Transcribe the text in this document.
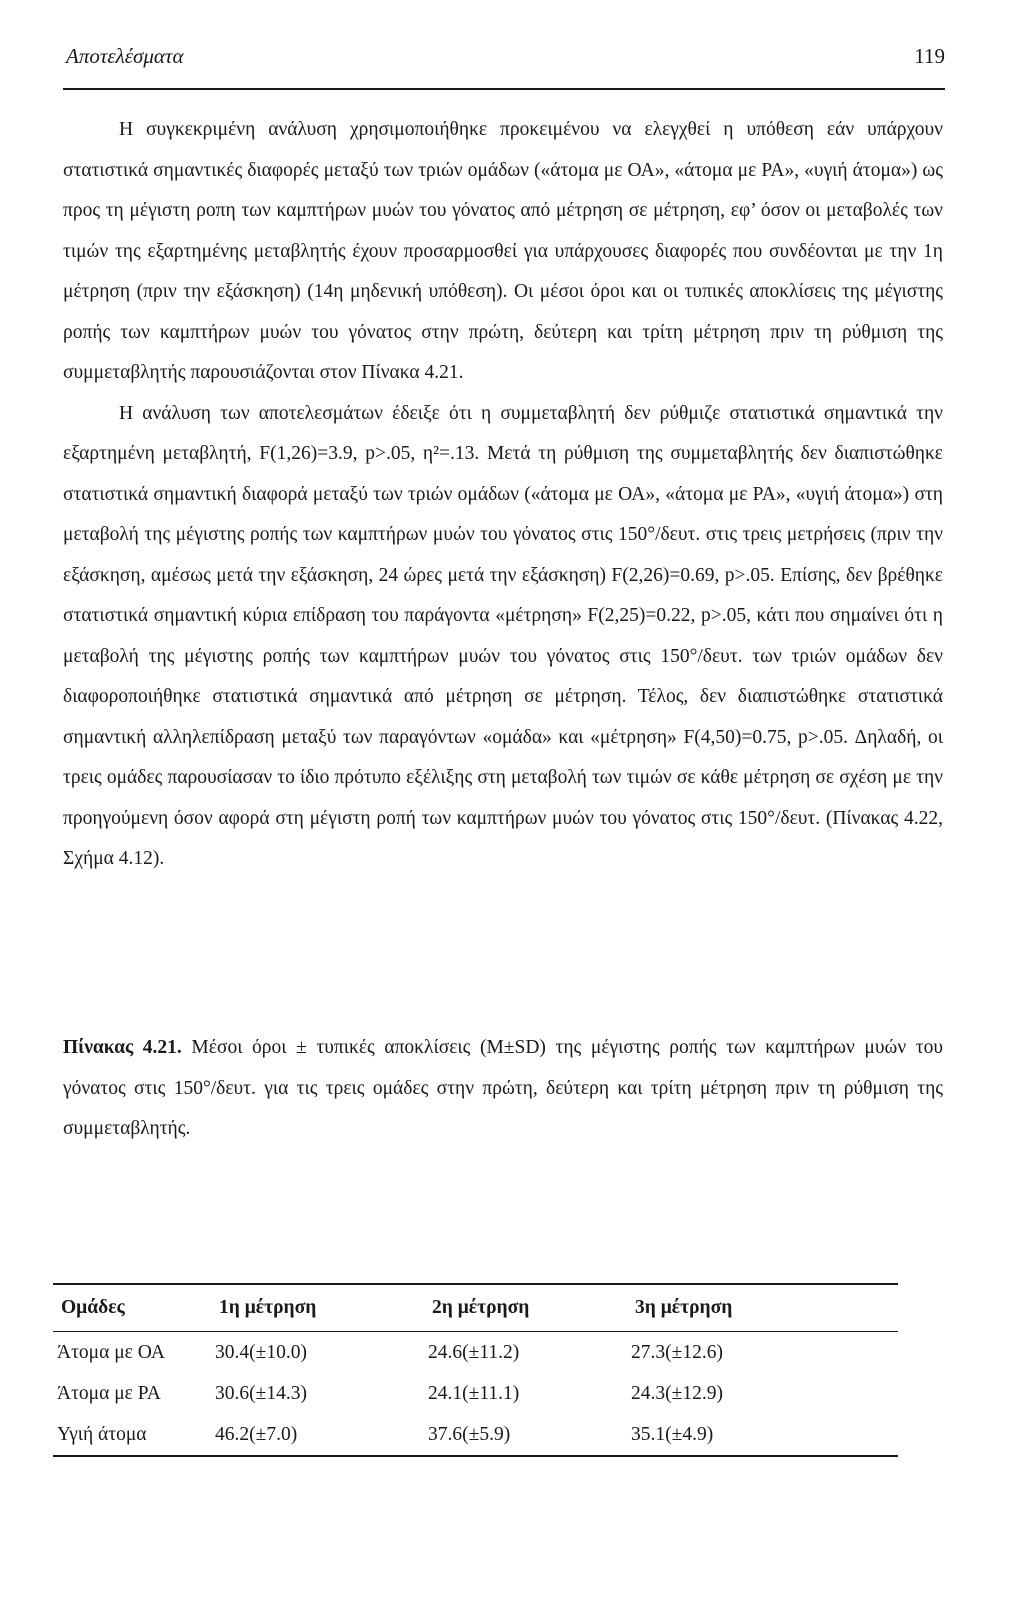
Αποτελέσματα	119

Η συγκεκριμένη ανάλυση χρησιμοποιήθηκε προκειμένου να ελεγχθεί η υπόθεση εάν υπάρχουν στατιστικά σημαντικές διαφορές μεταξύ των τριών ομάδων («άτομα με ΟΑ», «άτομα με ΡΑ», «υγιή άτομα») ως προς τη μέγιστη ροπη των καμπτήρων μυών του γόνατος από μέτρηση σε μέτρηση, εφ’ όσον οι μεταβολές των τιμών της εξαρτημένης μεταβλητής έχουν προσαρμοσθεί για υπάρχουσες διαφορές που συνδέονται με την 1η μέτρηση (πριν την εξάσκηση) (14η μηδενική υπόθεση). Οι μέσοι όροι και οι τυπικές αποκλίσεις της μέγιστης ροπής των καμπτήρων μυών του γόνατος στην πρώτη, δεύτερη και τρίτη μέτρηση πριν τη ρύθμιση της συμμεταβλητής παρουσιάζονται στον Πίνακα 4.21.

Η ανάλυση των αποτελεσμάτων έδειξε ότι η συμμεταβλητή δεν ρύθμιζε στατιστικά σημαντικά την εξαρτημένη μεταβλητή, F(1,26)=3.9, p>.05, η²=.13. Μετά τη ρύθμιση της συμμεταβλητής δεν διαπιστώθηκε στατιστικά σημαντική διαφορά μεταξύ των τριών ομάδων («άτομα με ΟΑ», «άτομα με ΡΑ», «υγιή άτομα») στη μεταβολή της μέγιστης ροπής των καμπτήρων μυών του γόνατος στις 150°/δευτ. στις τρεις μετρήσεις (πριν την εξάσκηση, αμέσως μετά την εξάσκηση, 24 ώρες μετά την εξάσκηση) F(2,26)=0.69, p>.05. Επίσης, δεν βρέθηκε στατιστικά σημαντική κύρια επίδραση του παράγοντα «μέτρηση» F(2,25)=0.22, p>.05, κάτι που σημαίνει ότι η μεταβολή της μέγιστης ροπής των καμπτήρων μυών του γόνατος στις 150°/δευτ. των τριών ομάδων δεν διαφοροποιήθηκε στατιστικά σημαντικά από μέτρηση σε μέτρηση. Τέλος, δεν διαπιστώθηκε στατιστικά σημαντική αλληλεπίδραση μεταξύ των παραγόντων «ομάδα» και «μέτρηση» F(4,50)=0.75, p>.05. Δηλαδή, οι τρεις ομάδες παρουσίασαν το ίδιο πρότυπο εξέλιξης στη μεταβολή των τιμών σε κάθε μέτρηση σε σχέση με την προηγούμενη όσον αφορά στη μέγιστη ροπή των καμπτήρων μυών του γόνατος στις 150°/δευτ. (Πίνακας 4.22, Σχήμα 4.12).

Πίνακας 4.21. Μέσοι όροι ± τυπικές αποκλίσεις (M±SD) της μέγιστης ροπής των καμπτήρων μυών του γόνατος στις 150°/δευτ. για τις τρεις ομάδες στην πρώτη, δεύτερη και τρίτη μέτρηση πριν τη ρύθμιση της συμμεταβλητής.
Ομάδες	1η μέτρηση	2η μέτρηση	3η μέτρηση
Άτομα με ΟΑ	30.4(±10.0)	24.6(±11.2)	27.3(±12.6)
Άτομα με ΡΑ	30.6(±14.3)	24.1(±11.1)	24.3(±12.9)
Υγιή άτομα	46.2(±7.0)	37.6(±5.9)	35.1(±4.9)
